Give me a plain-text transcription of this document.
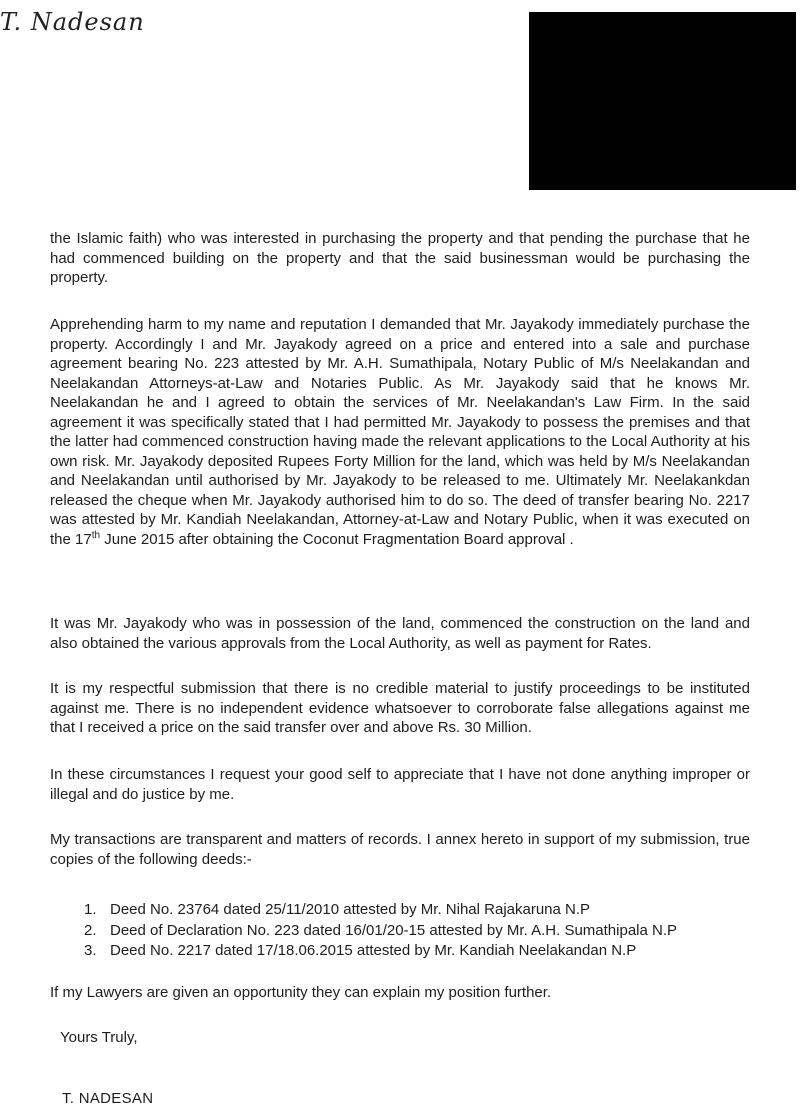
T. Nadesan

the Islamic faith) who was interested in purchasing the property and that pending the purchase that he had commenced building on the property and that the said businessman would be purchasing the property.

Apprehending harm to my name and reputation I demanded that Mr. Jayakody immediately purchase the property. Accordingly I and Mr. Jayakody agreed on a price and entered into a sale and purchase agreement bearing No. 223 attested by Mr. A.H. Sumathipala, Notary Public of M/s Neelakandan and Neelakandan Attorneys-at-Law and Notaries Public. As Mr. Jayakody said that he knows Mr. Neelakandan he and I agreed to obtain the services of Mr. Neelakandan's Law Firm. In the said agreement it was specifically stated that I had permitted Mr. Jayakody to possess the premises and that the latter had commenced construction having made the relevant applications to the Local Authority at his own risk. Mr. Jayakody deposited Rupees Forty Million for the land, which was held by M/s Neelakandan and Neelakandan until authorised by Mr. Jayakody to be released to me. Ultimately Mr. Neelakankdan released the cheque when Mr. Jayakody authorised him to do so. The deed of transfer bearing No. 2217 was attested by Mr. Kandiah Neelakandan, Attorney-at-Law and Notary Public, when it was executed on the 17th June 2015 after obtaining the Coconut Fragmentation Board approval .

It was Mr. Jayakody who was in possession of the land, commenced the construction on the land and also obtained the various approvals from the Local Authority, as well as payment for Rates.

It is my respectful submission that there is no credible material to justify proceedings to be instituted against me. There is no independent evidence whatsoever to corroborate false allegations against me that I received a price on the said transfer over and above Rs. 30 Million.

In these circumstances I request your good self to appreciate that I have not done anything improper or illegal and do justice by me.

My transactions are transparent and matters of records. I annex hereto in support of my submission, true copies of the following deeds:-

1. Deed No. 23764 dated 25/11/2010 attested by Mr. Nihal Rajakaruna N.P
2. Deed of Declaration No. 223 dated 16/01/20-15 attested by Mr. A.H. Sumathipala N.P
3. Deed No. 2217 dated 17/18.06.2015 attested by Mr. Kandiah Neelakandan N.P

If my Lawyers are given an opportunity they can explain my position further.

Yours Truly,
T. NADESAN
